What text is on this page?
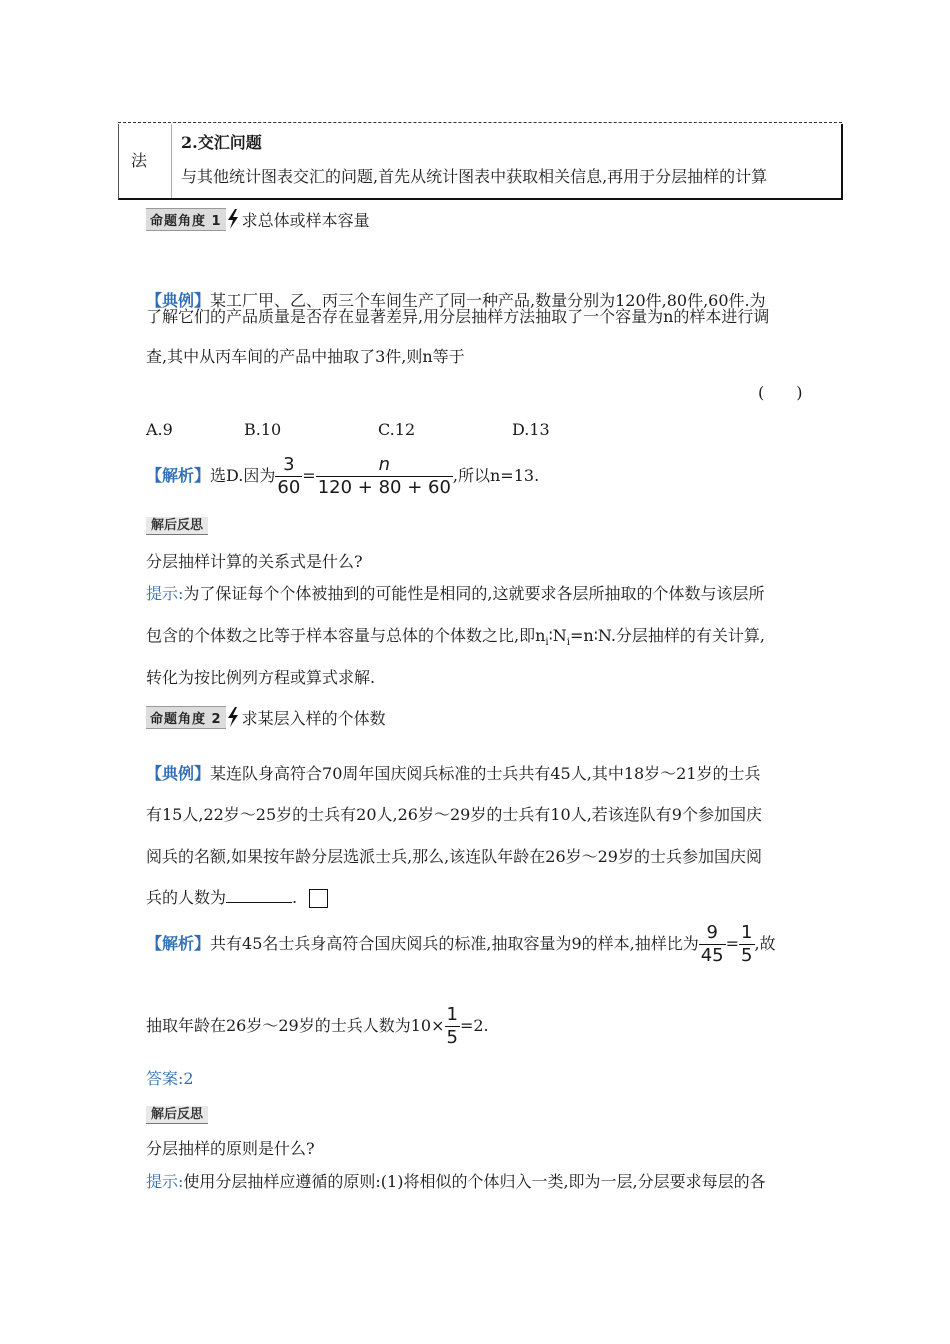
法
2.交汇问题
与其他统计图表交汇的问题,首先从统计图表中获取相关信息,再用于分层抽样的计算
命题角度 1 求总体或样本容量
【典例】某工厂甲、乙、丙三个车间生产了同一种产品,数量分别为120件,80件,60件.为
了解它们的产品质量是否存在显著差异,用分层抽样方法抽取了一个容量为n的样本进行调
查,其中从丙车间的产品中抽取了3件,则n等于
(　　)
A.9	B.10	C.12	D.13
【解析】 选D.因为 $\frac{3}{60} = \frac{n}{120 + 80 + 60}$ ,所以n=13.
解后反思
分层抽样计算的关系式是什么?
提示:为了保证每个个体被抽到的可能性是相同的,这就要求各层所抽取的个体数与该层所
包含的个体数之比等于样本容量与总体的个体数之比,即$n_i∶N_i=n∶N$.分层抽样的有关计算,
转化为按比例列方程或算式求解.
命题角度 2 求某层入样的个体数
【典例】某连队身高符合70周年国庆阅兵标准的士兵共有45人,其中18岁～21岁的士兵
有15人,22岁～25岁的士兵有20人,26岁～29岁的士兵有10人,若该连队有9个参加国庆
阅兵的名额,如果按年龄分层选派士兵,那么,该连队年龄在26岁～29岁的士兵参加国庆阅
兵的人数为	.
【解析】 共有45名士兵身高符合国庆阅兵的标准,抽取容量为9的样本,抽样比为 $\frac{9}{45} = \frac{1}{5}$ ,故
抽取年龄在26岁～29岁的士兵人数为$10\times \frac{1}{5} =2$.
答案:2
解后反思
分层抽样的原则是什么?
提示:使用分层抽样应遵循的原则:(1)将相似的个体归入一类,即为一层,分层要求每层的各
